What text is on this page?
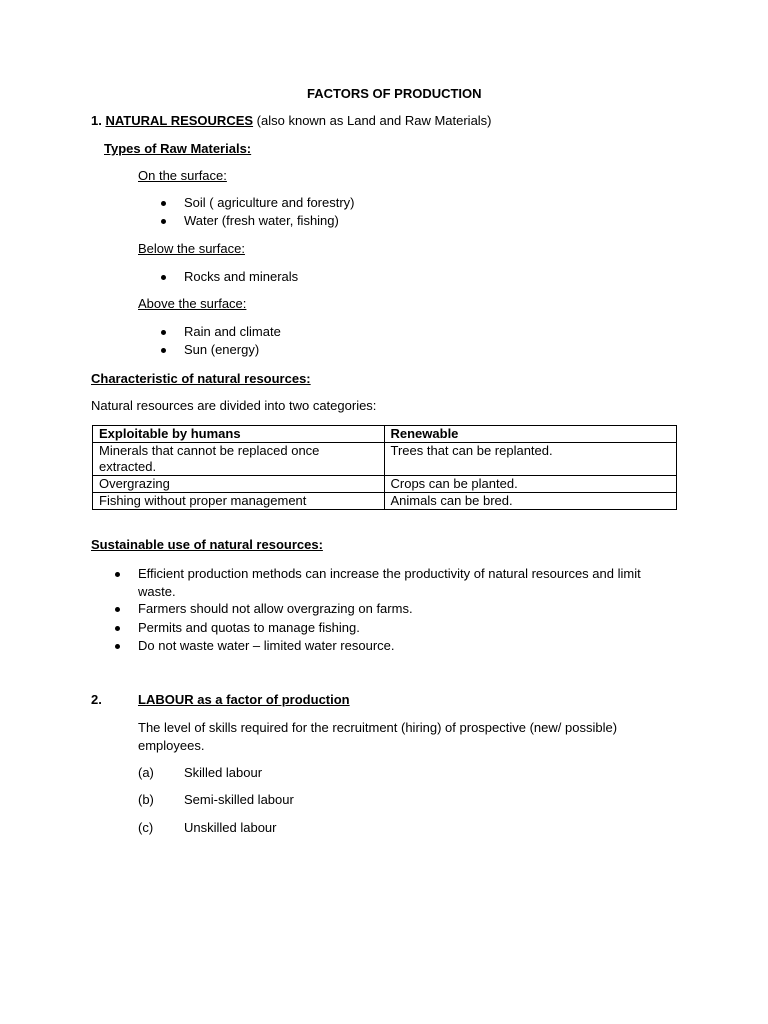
FACTORS OF PRODUCTION
1. NATURAL RESOURCES (also known as Land and Raw Materials)
Types of Raw Materials:
On the surface:
Soil ( agriculture and forestry)
Water (fresh water, fishing)
Below the surface:
Rocks and minerals
Above the surface:
Rain and climate
Sun (energy)
Characteristic of natural resources:
Natural resources are divided into two categories:
Exploitable by humans	Renewable
Minerals that cannot be replaced once extracted.	Trees that can be replanted.
Overgrazing	Crops can be planted.
Fishing without proper management	Animals can be bred.
Sustainable use of natural resources:
Efficient production methods can increase the productivity of natural resources and limit waste.
Farmers should not allow overgrazing on farms.
Permits and quotas to manage fishing.
Do not waste water – limited water resource.
2.	LABOUR as a factor of production
The level of skills required for the recruitment (hiring) of prospective (new/ possible) employees.
(a) Skilled labour
(b) Semi-skilled labour
(c) Unskilled labour
